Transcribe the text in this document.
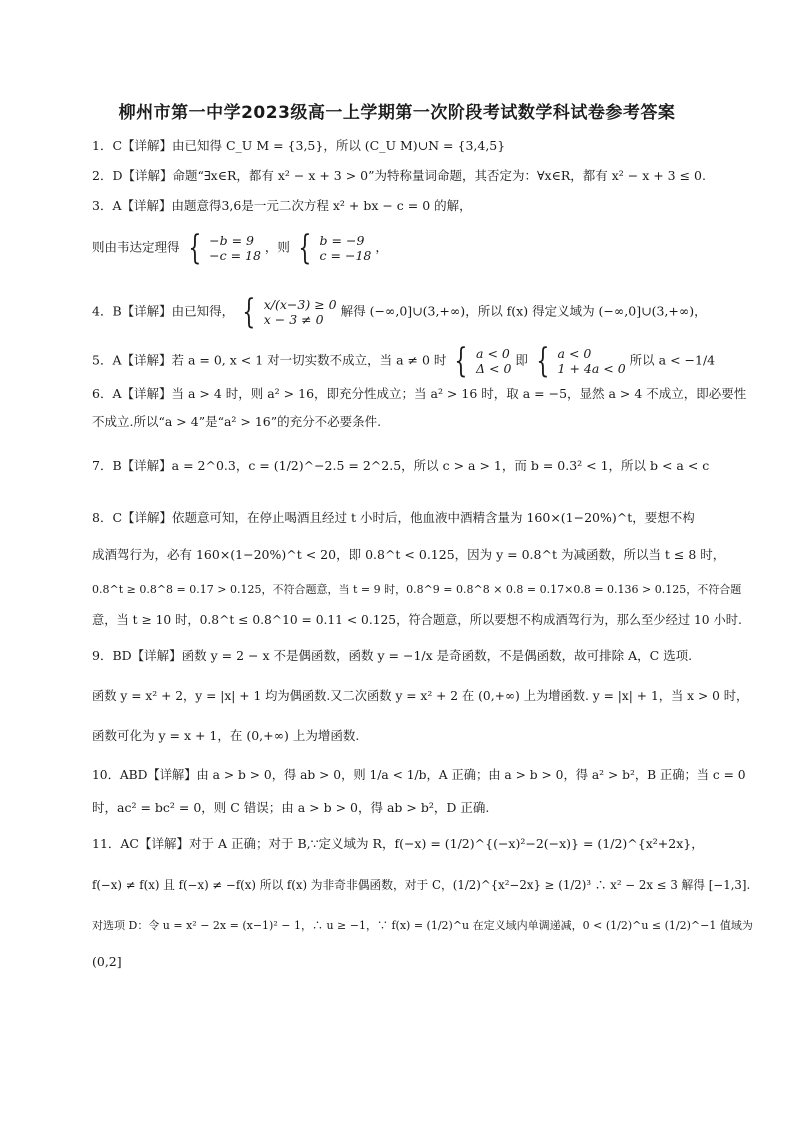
柳州市第一中学2023级高一上学期第一次阶段考试数学科试卷参考答案
1．C【详解】由已知得 C_U M = {3,5}，所以 (C_U M)∪N = {3,4,5}
2．D【详解】命题“∃x∈R，都有 x² − x + 3 > 0”为特称量词命题，其否定为：∀x∈R，都有 x² − x + 3 ≤ 0.
3．A【详解】由题意得3,6是一元二次方程 x² + bx − c = 0 的解，
则由韦达定理得 { −b = 9
−c = 18
，则 { b = −9
c = −18
，
4．B【详解】由已知得， { x/(x−3) ≥ 0
x − 3 ≠ 0
解得 (−∞,0]∪(3,+∞)，所以 f(x) 得定义域为 (−∞,0]∪(3,+∞)，
5．A【详解】若 a = 0, x < 1 对一切实数不成立，当 a ≠ 0 时 { a < 0
Δ < 0
即 { a < 0
1 + 4a < 0
所以 a < −1/4
6．A【详解】当 a > 4 时，则 a² > 16，即充分性成立；当 a² > 16 时，取 a = −5，显然 a > 4 不成立，即必要性
不成立.所以“a > 4”是“a² > 16”的充分不必要条件.
7．B【详解】a = 2^0.3，c = (1/2)^−2.5 = 2^2.5，所以 c > a > 1，而 b = 0.3² < 1，所以 b < a < c
8．C【详解】依题意可知，在停止喝酒且经过 t 小时后，他血液中酒精含量为 160×(1−20%)^t，要想不构
成酒驾行为，必有 160×(1−20%)^t < 20，即 0.8^t < 0.125，因为 y = 0.8^t 为减函数，所以当 t ≤ 8 时，
0.8^t ≥ 0.8^8 = 0.17 > 0.125，不符合题意，当 t = 9 时，0.8^9 = 0.8^8 × 0.8 = 0.17×0.8 = 0.136 > 0.125，不符合题
意，当 t ≥ 10 时，0.8^t ≤ 0.8^10 = 0.11 < 0.125，符合题意，所以要想不构成酒驾行为，那么至少经过 10 小时.
9．BD【详解】函数 y = 2 − x 不是偶函数，函数 y = −1/x 是奇函数，不是偶函数，故可排除 A，C 选项.
函数 y = x² + 2，y = |x| + 1 均为偶函数.又二次函数 y = x² + 2 在 (0,+∞) 上为增函数. y = |x| + 1，当 x > 0 时，
函数可化为 y = x + 1，在 (0,+∞) 上为增函数.
10．ABD【详解】由 a > b > 0，得 ab > 0，则 1/a < 1/b，A 正确；由 a > b > 0，得 a² > b²，B 正确；当 c = 0
时，ac² = bc² = 0，则 C 错误；由 a > b > 0，得 ab > b²，D 正确.
11．AC【详解】对于 A 正确；对于 B,∵定义域为 R，f(−x) = (1/2)^{(−x)²−2(−x)} = (1/2)^{x²+2x}，
f(−x) ≠ f(x) 且 f(−x) ≠ −f(x) 所以 f(x) 为非奇非偶函数，对于 C，(1/2)^{x²−2x} ≥ (1/2)³ ∴ x² − 2x ≤ 3 解得 [−1,3].
对选项 D：令 u = x² − 2x = (x−1)² − 1，∴ u ≥ −1，∵ f(x) = (1/2)^u 在定义域内单调递减，0 < (1/2)^u ≤ (1/2)^−1 值域为
(0,2]
